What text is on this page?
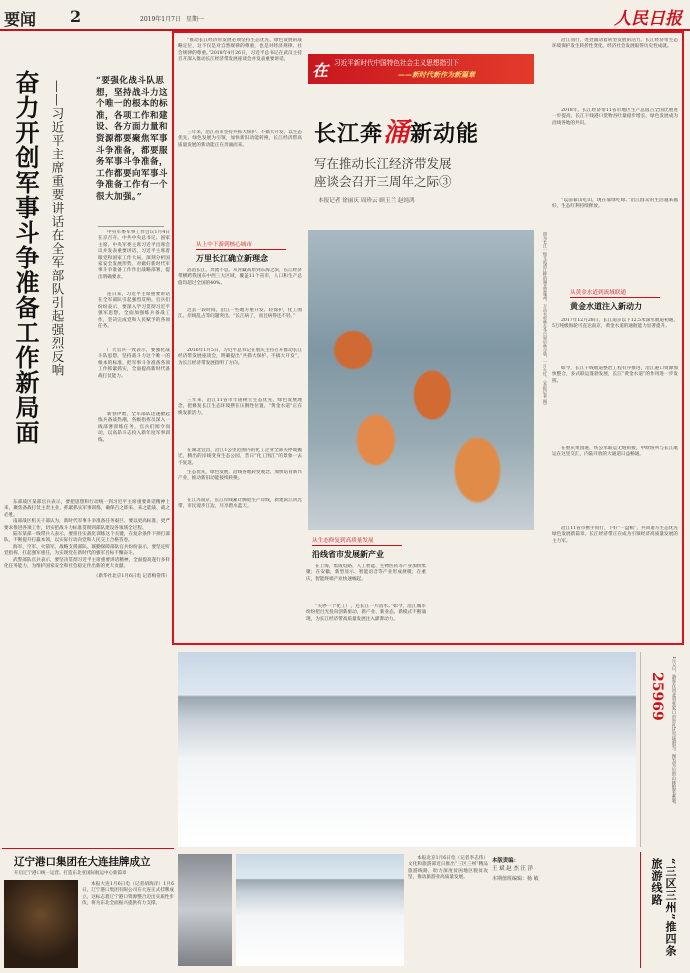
要闻 2	2019年1月7日 星期一	人民日报
奋力开创军事斗争准备工作新局面 ——习近平主席重要讲话在全军部队引起强烈反响	“要强化战斗队思想，坚持战斗力这个唯一的根本的标准，各项工作和建设、各方面力量和资源都要聚焦军事斗争准备，都要服务军事斗争准备，工作都要向军事斗争准备工作有一个很大加强。”

中央军委军事工作会议1月4日在京召开。中共中央总书记、国家主席、中央军委主席习近平出席会议并发表重要讲话。习近平主席着眼党和国家工作大局，深刻分析国家安全发展形势，对做好新时代军事斗争准备工作作出战略部署，提出明确要求。

连日来，习近平主席重要讲话在全军部队引起强烈反响。官兵们纷纷表示，要深入学习贯彻习近平强军思想，全面加强练兵备战工作，坚决完成党和人民赋予的各项任务。

广大官兵一致表示，要强化战斗队思想，坚持战斗力这个唯一的根本的标准，把军事斗争准备各项工作抓紧抓实，全面提高新时代备战打仗能力。

新春伊始，全军部队迅速掀起练兵备战热潮，各级指挥员深入一线部署训练任务，官兵们闻令而动，以高昂斗志投入新年度军事训练。

东部战区某部官兵表示，要把思想和行动统一到习近平主席重要讲话精神上来，聚焦备战打仗主责主业，抓紧抓实军事训练，确保召之即来、来之能战、战之必胜。

南部战区机关干部认为，新时代军事斗争准备任务艰巨，要以更高标准、更严要求推进各项工作，切实把战斗力标准贯彻到部队建设各领域全过程。

陆军某部一线带兵人表示，要扭住实战化训练这个关键，在复杂条件下摔打部队，不断提升打赢本领，以实际行动向党和人民交上合格答卷。

海军、空军、火箭军、战略支援部队、联勤保障部队官兵纷纷表示，要坚定听党指挥，扛起强军重任，为实现党在新时代的强军目标不懈奋斗。

武警部队官兵表示，要坚决贯彻习近平主席重要讲话精神，全面提高遂行多样化任务能力，为维护国家安全和社会稳定作出新的更大贡献。

（新华社北京1月6日电 记者梅常伟）

辽宁港口集团在大连挂牌成立
开启辽宁港口统一运营、打造东北亚国际航运中心新篇章

本报大连1月6日电（记者胡海洋）1月6日，辽宁港口集团有限公司在大连正式挂牌成立。这标志着辽宁港口资源整合迈出实质性步伐，将为东北全面振兴提供有力支撑。

“推动长江经济带发展必须坚持生态优先、绿色发展的战略定位，这不仅是对自然规律的尊重，也是对经济规律、社会规律的尊重。”2018年4月26日，习近平总书记在武汉主持召开深入推动长江经济带发展座谈会并发表重要讲话。

三年来，沿江省市坚持共抓大保护、不搞大开发，以生态优先、绿色发展为引领，加快新旧动能转换，长江经济带高质量发展的新动能正在奔涌而来。

在 习近平新时代中国特色社会主义思想指引下
——新时代新作为新篇章
长江奔涌新动能
写在推动长江经济带发展
座谈会召开三周年之际③
本报记者 徐丽庆 周珍云 顾玉兰 赵纯鸿
从上中下游到核心城市
万里长江确立新理念

滔滔长江，奔流不息。从青藏高原到东海之滨，长江经济带横跨我国东中西三大区域，覆盖11个省市，人口和生产总值均超过全国的40%。

过去一段时间，沿江一些地方重开发、轻保护，化工围江、岸线乱占等问题突出。“长江病了，而且病得还不轻。”

2016年1月5日，习近平总书记在重庆主持召开推动长江经济带发展座谈会，明确提出“共抓大保护、不搞大开发”，为长江经济带发展指明了方向。

三年来，沿江11省市牢固树立生态优先、绿色发展理念，把修复长江生态环境摆在压倒性位置，“黄金水道”正在焕发新活力。

在湖北宜昌，沿江1公里范围内的化工企业全部关停或搬迁，腾出的岸线变身生态公园，昔日“化工围江”的景象一去不复返。

在江苏南京，长江岸线累计腾退生产岸线，新建滨江风光带，市民漫步江边，尽享碧水蓝天。

图为长江一级支流清江畔的湖北恩施州，万亩水杉林在冬日里层林尽染，一片火红。（本报记者 摄）

生态优先，绿色发展，沿线各地转变观念，加快培育新兴产业，推动新旧动能接续转换。

从生态修复到高质量发展
沿线省市发展新产业

在上海，集成电路、人工智能、生物医药等产业加快集聚；在安徽，新型显示、智能语音等产业形成规模；在重庆，智能终端产业快速崛起。

“关停一个化工厂，还长江一片清水。”如今，沿江城市纷纷把目光投向创新驱动，新产业、新业态、新模式不断涌现，为长江经济带高质量发展注入澎湃动力。

沿江而行，处处涌动着转型发展的活力。长江经济带生态环境保护发生转折性变化，经济社会发展取得历史性成就。

2018年，长江经济带11省市地区生产总值占全国比重进一步提高，长江干线港口货物吞吐量稳步增长，绿色发展成为沿线各地的共识。

“以前靠山吃山，现在靠绿吃绿。”沿江群众的生活越来越好，生态红利持续释放。

从黄金水道到流域联通
黄金水道注入新动力

2017年12月28日，长江南京以下12.5米深水航道初通，5万吨级海轮可直达南京，黄金水道的通航能力显著提升。

如今，长江干线航道整治工程有序推进，沿江港口资源加快整合，多式联运蓬勃发展，长江“黄金水道”的作用进一步发挥。

在重庆果园港，铁公水联运无缝衔接，中欧班列与长江航运在这里交汇，内陆开放的大通道日益畅通。

沿江11省市携手同行，下好“一盘棋”，共同谱写生态优先绿色发展新篇章，长江经济带正在成为引领经济高质量发展的主力军。

25969 1月5日，游客在河北省张家口市崇礼区雪场滑雪。图为雪后的山林银装素裹。

本报北京1月6日电（记者李志伟）文化和旅游部近日推出“三区三州”精品旅游线路，助力深度贫困地区脱贫攻坚，推动旅游业高质量发展。

本版责编：
王 斌 赵 杰 汪 洋
本期值班编辑：杨 敏	“三区三州”推四条旅游线路
